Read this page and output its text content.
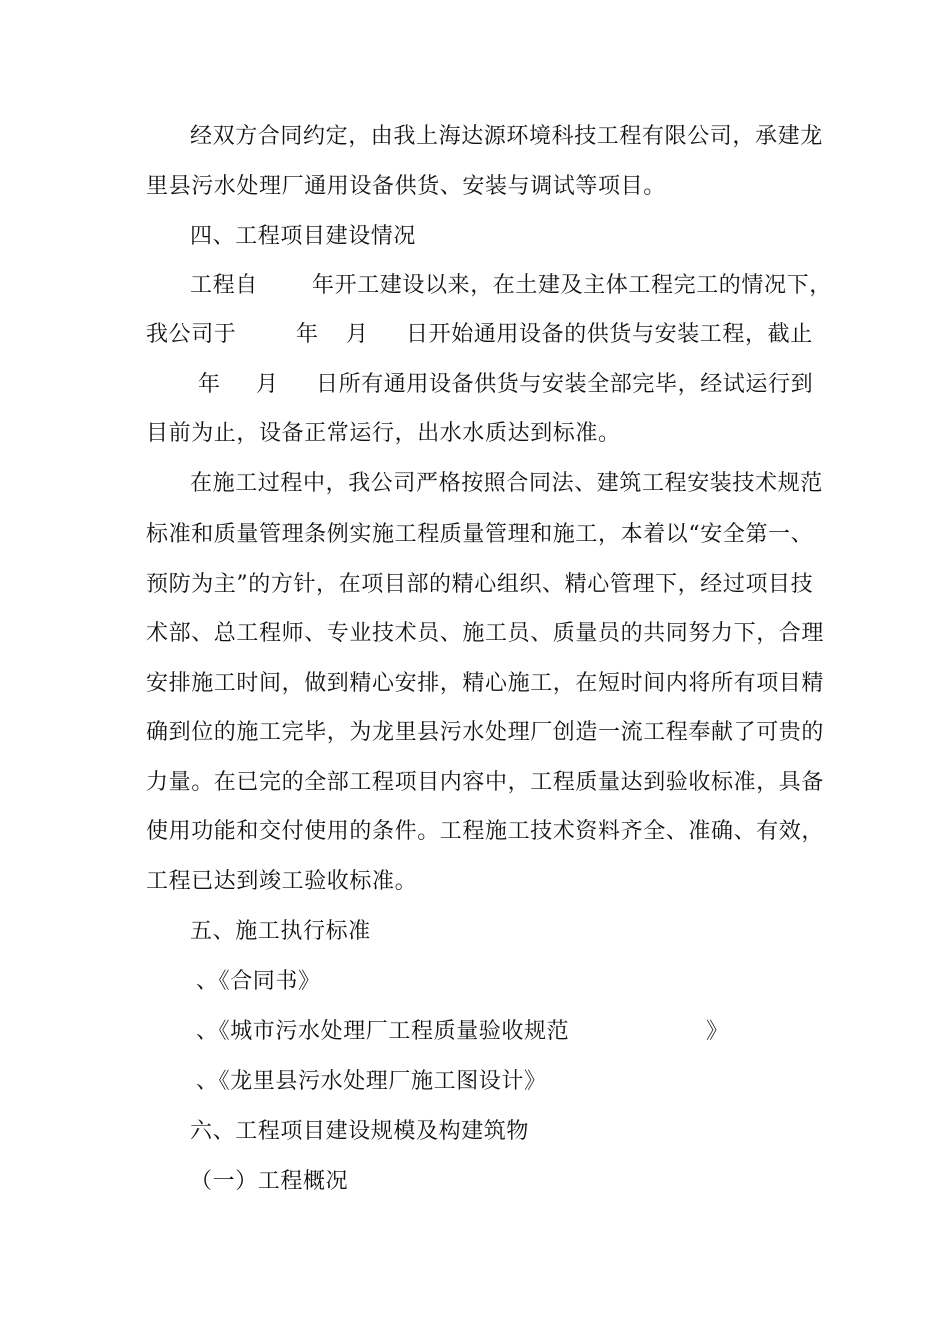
经双方合同约定，由我上海达源环境科技工程有限公司，承建龙
里县污水处理厂通用设备供货、安装与调试等项目。
四、工程项目建设情况
工程自 年开工建设以来，在土建及主体工程完工的情况下，
我公司于	年 月 日开始通用设备的供货与安装工程，截止
年 月 日所有通用设备供货与安装全部完毕，经试运行到
目前为止，设备正常运行，出水水质达到标准。
在施工过程中，我公司严格按照合同法、建筑工程安装技术规范
标准和质量管理条例实施工程质量管理和施工，本着以“安全第一、
预防为主”的方针，在项目部的精心组织、精心管理下，经过项目技
术部、总工程师、专业技术员、施工员、质量员的共同努力下，合理
安排施工时间，做到精心安排，精心施工，在短时间内将所有项目精
确到位的施工完毕，为龙里县污水处理厂创造一流工程奉献了可贵的
力量。在已完的全部工程项目内容中，工程质量达到验收标准，具备
使用功能和交付使用的条件。工程施工技术资料齐全、准确、有效，
工程已达到竣工验收标准。
五、施工执行标准
、《合同书》
、《城市污水处理厂工程质量验收规范	》
、《龙里县污水处理厂施工图设计》
六、工程项目建设规模及构建筑物
（一）工程概况
